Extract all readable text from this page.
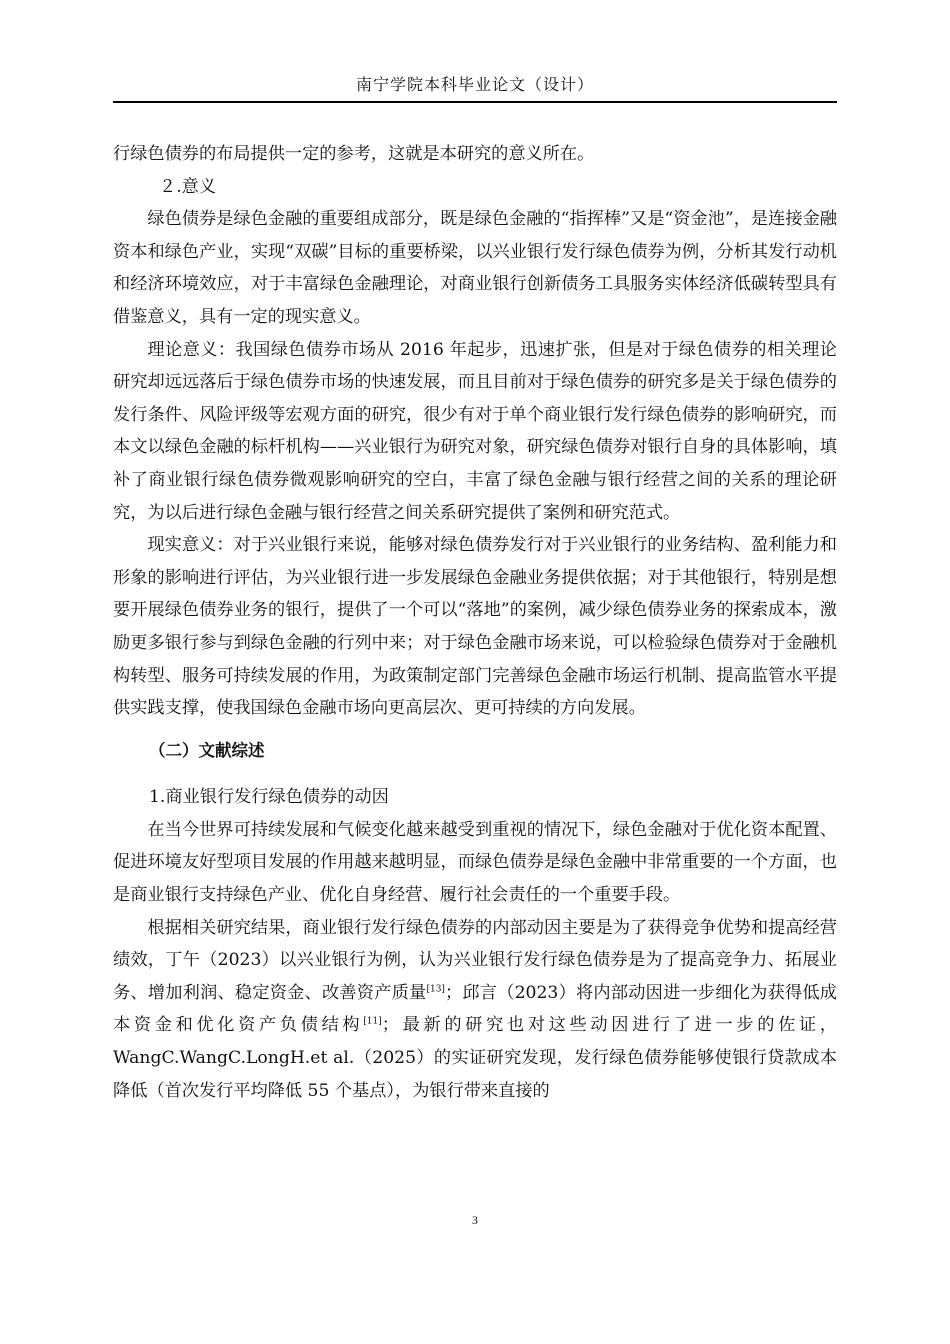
南宁学院本科毕业论文（设计）

行绿色债券的布局提供一定的参考，这就是本研究的意义所在。

２.意义

绿色债券是绿色金融的重要组成部分，既是绿色金融的“指挥棒”又是“资金池”，是连接金融资本和绿色产业，实现“双碳”目标的重要桥梁，以兴业银行发行绿色债券为例，分析其发行动机和经济环境效应，对于丰富绿色金融理论，对商业银行创新债务工具服务实体经济低碳转型具有借鉴意义，具有一定的现实意义。

理论意义：我国绿色债券市场从 2016 年起步，迅速扩张，但是对于绿色债券的相关理论研究却远远落后于绿色债券市场的快速发展，而且目前对于绿色债券的研究多是关于绿色债券的发行条件、风险评级等宏观方面的研究，很少有对于单个商业银行发行绿色债券的影响研究，而本文以绿色金融的标杆机构——兴业银行为研究对象，研究绿色债券对银行自身的具体影响，填补了商业银行绿色债券微观影响研究的空白，丰富了绿色金融与银行经营之间的关系的理论研究，为以后进行绿色金融与银行经营之间关系研究提供了案例和研究范式。

现实意义：对于兴业银行来说，能够对绿色债券发行对于兴业银行的业务结构、盈利能力和形象的影响进行评估，为兴业银行进一步发展绿色金融业务提供依据；对于其他银行，特别是想要开展绿色债券业务的银行，提供了一个可以“落地”的案例，减少绿色债券业务的探索成本，激励更多银行参与到绿色金融的行列中来；对于绿色金融市场来说，可以检验绿色债券对于金融机构转型、服务可持续发展的作用，为政策制定部门完善绿色金融市场运行机制、提高监管水平提供实践支撑，使我国绿色金融市场向更高层次、更可持续的方向发展。

（二）文献综述

1.商业银行发行绿色债券的动因

在当今世界可持续发展和气候变化越来越受到重视的情况下，绿色金融对于优化资本配置、促进环境友好型项目发展的作用越来越明显，而绿色债券是绿色金融中非常重要的一个方面，也是商业银行支持绿色产业、优化自身经营、履行社会责任的一个重要手段。

根据相关研究结果，商业银行发行绿色债券的内部动因主要是为了获得竞争优势和提高经营绩效，丁午（2023）以兴业银行为例，认为兴业银行发行绿色债券是为了提高竞争力、拓展业务、增加利润、稳定资金、改善资产质量[13]；邱言（2023）将内部动因进一步细化为获得低成本资金和优化资产负债结构[11]；最新的研究也对这些动因进行了进一步的佐证，WangC.WangC.LongH.et al.（2025）的实证研究发现，发行绿色债券能够使银行贷款成本降低（首次发行平均降低 55 个基点），为银行带来直接的

3
